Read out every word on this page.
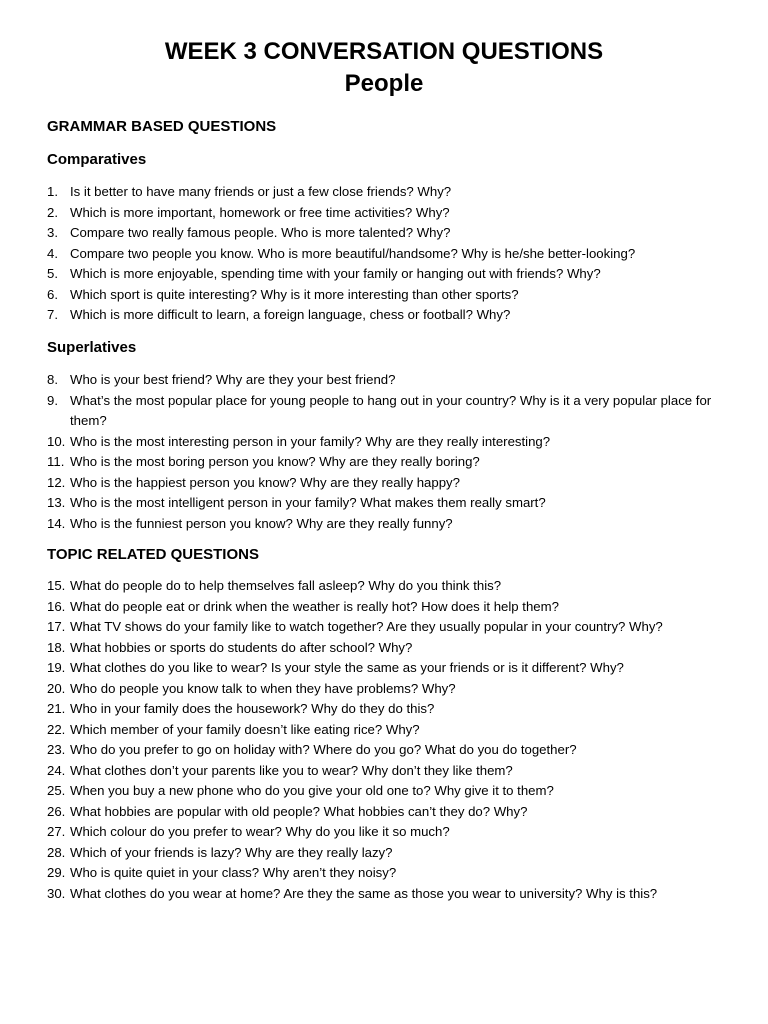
WEEK 3 CONVERSATION QUESTIONS
People
GRAMMAR BASED QUESTIONS
Comparatives
1. Is it better to have many friends or just a few close friends? Why?
2. Which is more important, homework or free time activities? Why?
3. Compare two really famous people. Who is more talented? Why?
4. Compare two people you know. Who is more beautiful/handsome? Why is he/she better-looking?
5. Which is more enjoyable, spending time with your family or hanging out with friends? Why?
6. Which sport is quite interesting? Why is it more interesting than other sports?
7. Which is more difficult to learn, a foreign language, chess or football? Why?
Superlatives
8. Who is your best friend? Why are they your best friend?
9. What’s the most popular place for young people to hang out in your country? Why is it a very popular place for them?
10. Who is the most interesting person in your family? Why are they really interesting?
11. Who is the most boring person you know? Why are they really boring?
12. Who is the happiest person you know? Why are they really happy?
13. Who is the most intelligent person in your family? What makes them really smart?
14. Who is the funniest person you know? Why are they really funny?
TOPIC RELATED QUESTIONS
15. What do people do to help themselves fall asleep? Why do you think this?
16. What do people eat or drink when the weather is really hot? How does it help them?
17. What TV shows do your family like to watch together? Are they usually popular in your country? Why?
18. What hobbies or sports do students do after school? Why?
19. What clothes do you like to wear? Is your style the same as your friends or is it different? Why?
20. Who do people you know talk to when they have problems? Why?
21. Who in your family does the housework? Why do they do this?
22. Which member of your family doesn’t like eating rice? Why?
23. Who do you prefer to go on holiday with? Where do you go? What do you do together?
24. What clothes don’t your parents like you to wear? Why don’t they like them?
25. When you buy a new phone who do you give your old one to? Why give it to them?
26. What hobbies are popular with old people? What hobbies can’t they do? Why?
27. Which colour do you prefer to wear? Why do you like it so much?
28. Which of your friends is lazy? Why are they really lazy?
29. Who is quite quiet in your class? Why aren’t they noisy?
30. What clothes do you wear at home? Are they the same as those you wear to university? Why is this?
